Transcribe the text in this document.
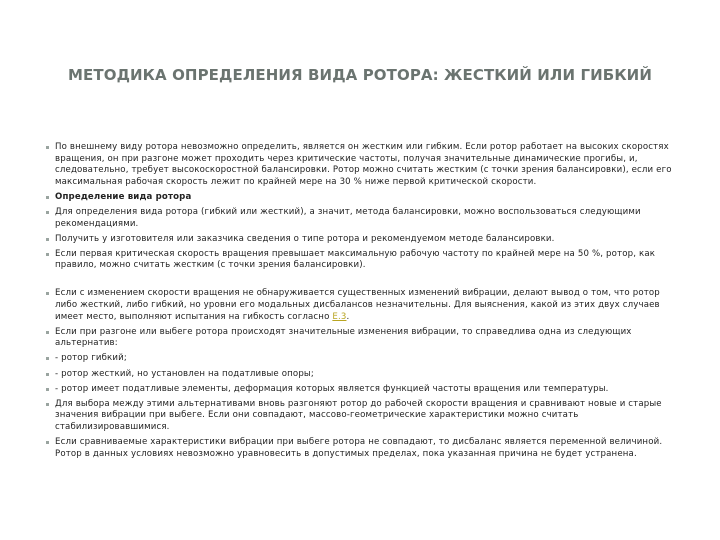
МЕТОДИКА ОПРЕДЕЛЕНИЯ ВИДА РОТОРА: ЖЕСТКИЙ ИЛИ ГИБКИЙ
По внешнему виду ротора невозможно определить, является он жестким или гибким. Если ротор работает на высоких скоростях вращения, он при разгоне может проходить через критические частоты, получая значительные динамические прогибы, и, следовательно, требует высокоскоростной балансировки. Ротор можно считать жестким (с точки зрения балансировки), если его максимальная рабочая скорость лежит по крайней мере на 30 % ниже первой критической скорости.
Определение вида ротора
Для определения вида ротора (гибкий или жесткий), а значит, метода балансировки, можно воспользоваться следующими рекомендациями.
Получить у изготовителя или заказчика сведения о типе ротора и рекомендуемом методе балансировки.
Если первая критическая скорость вращения превышает максимальную рабочую частоту по крайней мере на 50 %, ротор, как правило, можно считать жестким (с точки зрения балансировки).
Если с изменением скорости вращения не обнаруживается существенных изменений вибрации, делают вывод о том, что ротор либо жесткий, либо гибкий, но уровни его модальных дисбалансов незначительны. Для выяснения, какой из этих двух случаев имеет место, выполняют испытания на гибкость согласно Е.3.
Если при разгоне или выбеге ротора происходят значительные изменения вибрации, то справедлива одна из следующих альтернатив:
- ротор гибкий;
- ротор жесткий, но установлен на податливые опоры;
- ротор имеет податливые элементы, деформация которых является функцией частоты вращения или температуры.
Для выбора между этими альтернативами вновь разгоняют ротор до рабочей скорости вращения и сравнивают новые и старые значения вибрации при выбеге. Если они совпадают, массово-геометрические характеристики можно считать стабилизировавшимися.
Если сравниваемые характеристики вибрации при выбеге ротора не совпадают, то дисбаланс является переменной величиной. Ротор в данных условиях невозможно уравновесить в допустимых пределах, пока указанная причина не будет устранена.
